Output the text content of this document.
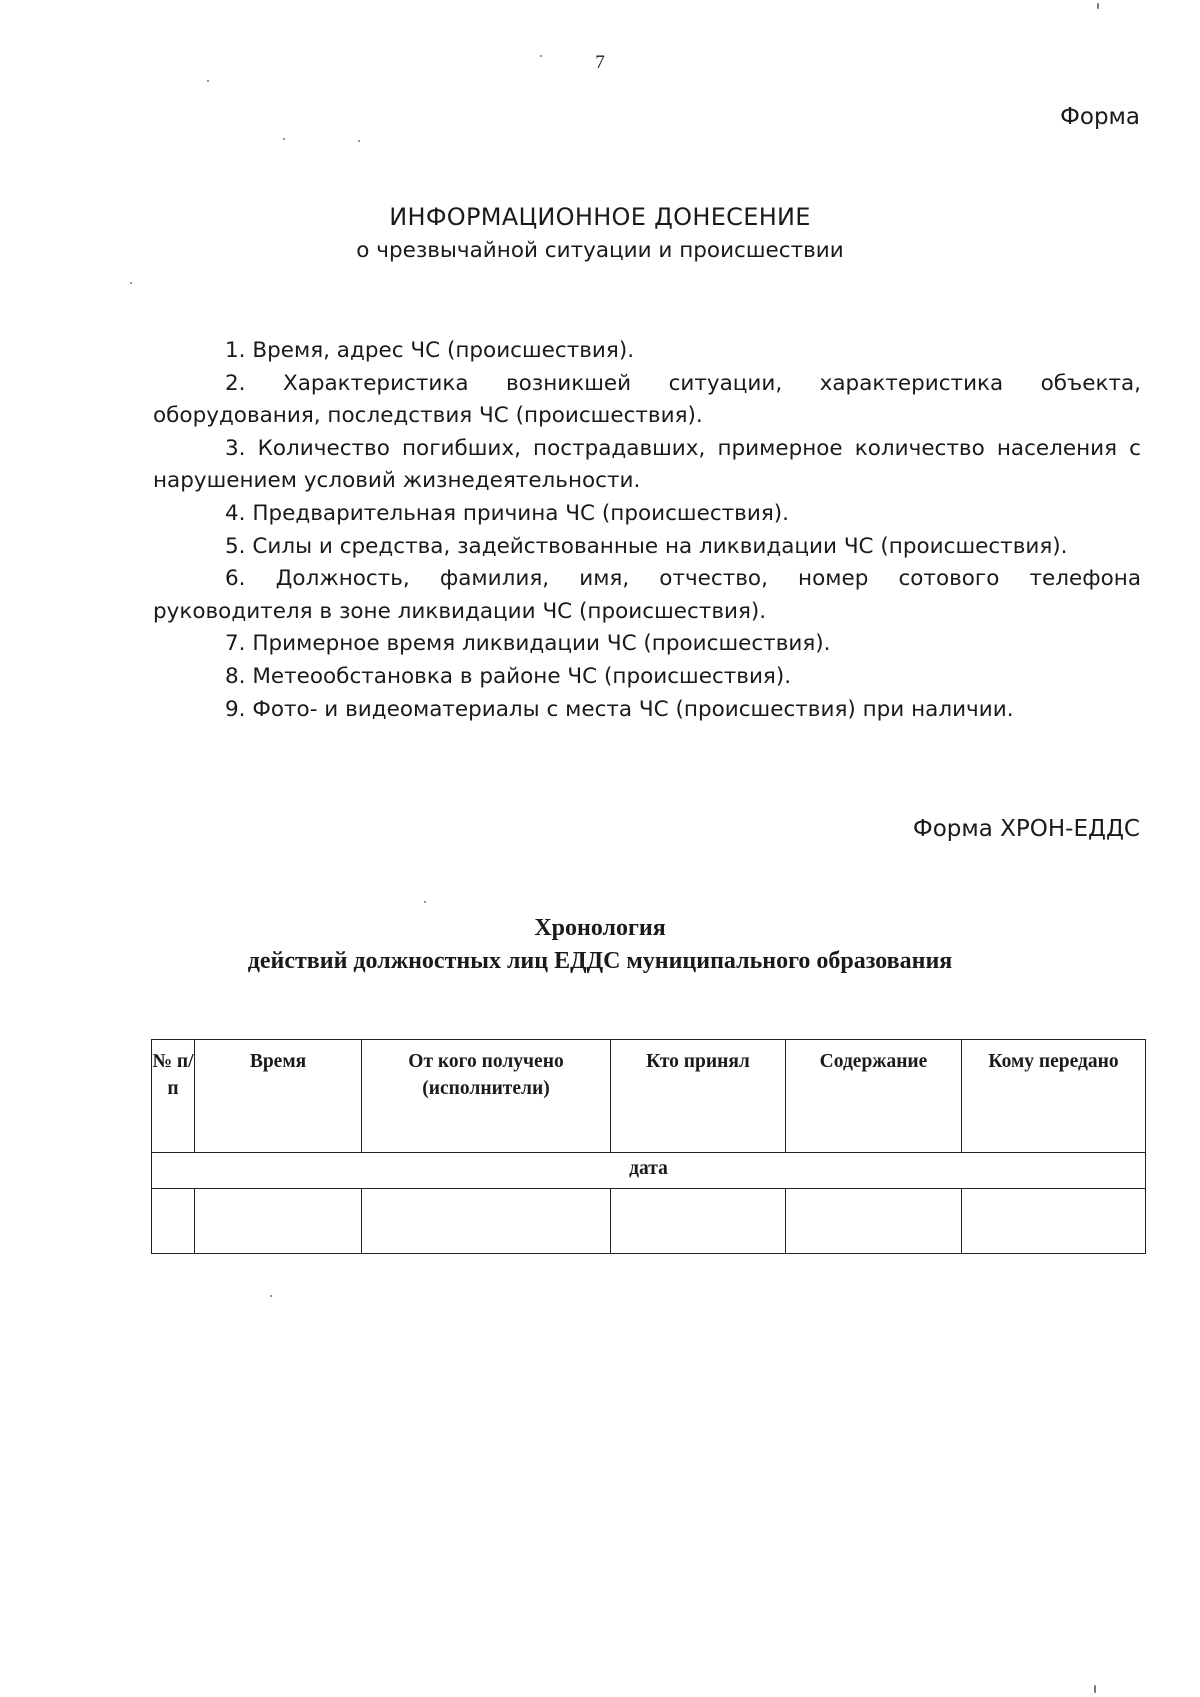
7
Форма
ИНФОРМАЦИОННОЕ ДОНЕСЕНИЕ
о чрезвычайной ситуации и происшествии

1. Время, адрес ЧС (происшествия).

2. Характеристика возникшей ситуации, характеристика объекта, оборудования, последствия ЧС (происшествия).

3. Количество погибших, пострадавших, примерное количество населения с нарушением условий жизнедеятельности.

4. Предварительная причина ЧС (происшествия).

5. Силы и средства, задействованные на ликвидации ЧС (происшествия).

6. Должность, фамилия, имя, отчество, номер сотового телефона руководителя в зоне ликвидации ЧС (происшествия).

7. Примерное время ликвидации ЧС (происшествия).

8. Метеообстановка в районе ЧС (происшествия).

9. Фото- и видеоматериалы с места ЧС (происшествия) при наличии.

Форма ХРОН-ЕДДС
Хронология
действий должностных лиц ЕДДС муниципального образования
№ п/п	Время	От кого получено (исполнители)	Кто принял	Содержание	Кому передано
дата					
